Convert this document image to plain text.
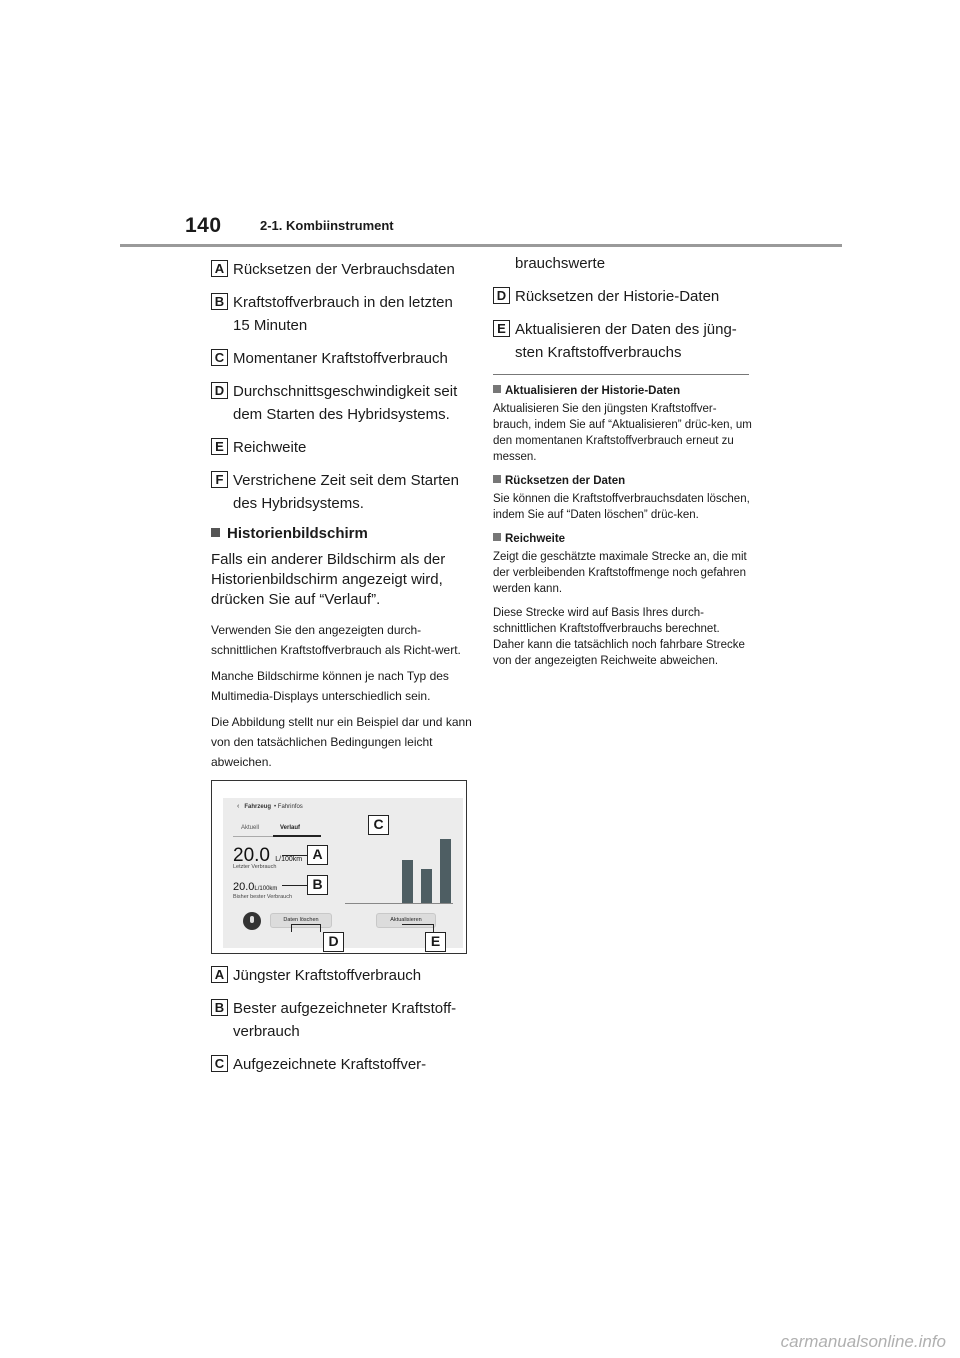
140	2-1. Kombiinstrument
A Rücksetzen der Verbrauchsdaten
B Kraftstoffverbrauch in den letzten
15 Minuten
C Momentaner Kraftstoffverbrauch
D Durchschnittsgeschwindigkeit seit
dem Starten des Hybridsystems.
E Reichweite
F Verstrichene Zeit seit dem Starten
des Hybridsystems.
Historienbildschirm
Falls ein anderer Bildschirm als der Historienbildschirm angezeigt wird, drücken Sie auf “Verlauf”.
Verwenden Sie den angezeigten durch-schnittlichen Kraftstoffverbrauch als Richt-wert.
Manche Bildschirme können je nach Typ des Multimedia-Displays unterschiedlich sein.
Die Abbildung stellt nur ein Beispiel dar und kann von den tatsächlichen Bedingungen leicht abweichen.
‹ Fahrzeug • Fahrinfos
Aktuell	Verlauf
20.0 L/100km
Letzter Verbrauch
20.0L/100km
Bisher bester Verbrauch
Daten löschen	Aktualisieren
A
B
C
D	E
A Jüngster Kraftstoffverbrauch
B Bester aufgezeichneter Kraftstoff-
verbrauch
C Aufgezeichnete Kraftstoffver-
brauchswerte
D Rücksetzen der Historie-Daten
E Aktualisieren der Daten des jüng-
sten Kraftstoffverbrauchs
Aktualisieren der Historie-Daten
Aktualisieren Sie den jüngsten Kraftstoffver-brauch, indem Sie auf “Aktualisieren” drüc-ken, um den momentanen Kraftstoffverbrauch erneut zu messen.
Rücksetzen der Daten
Sie können die Kraftstoffverbrauchsdaten löschen, indem Sie auf “Daten löschen” drüc-ken.
Reichweite
Zeigt die geschätzte maximale Strecke an, die mit der verbleibenden Kraftstoffmenge noch gefahren werden kann.
Diese Strecke wird auf Basis Ihres durch-schnittlichen Kraftstoffverbrauchs berechnet. Daher kann die tatsächlich noch fahrbare Strecke von der angezeigten Reichweite abweichen.
carmanualsonline.info
